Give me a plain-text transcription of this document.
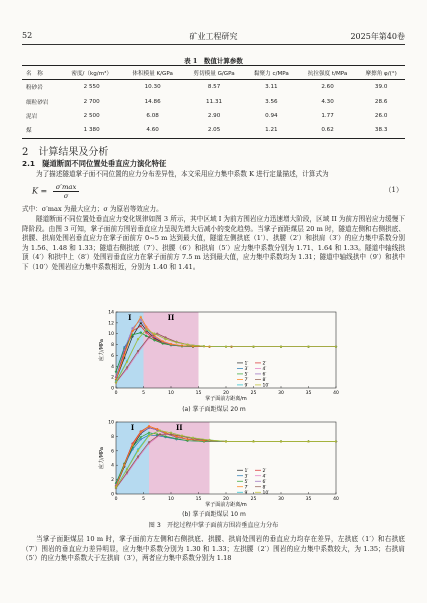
52	矿业工程研究	2025年第40卷
表 1　数值计算参数
名　称	密度/（kg/m³）	体积模量 K/GPa	剪切模量 G/GPa	黏聚力 c/MPa	抗拉强度 t/MPa	摩擦角 φ/(°)
粉砂岩	2 550	10.30	8.57	3.11	2.60	39.0
细粒砂岩	2 700	14.86	11.31	3.56	4.30	28.6
泥岩	2 500	6.08	2.90	0.94	1.77	26.0
煤	1 380	4.60	2.05	1.21	0.62	38.3
2　计算结果及分析
2.1　隧道断面不同位置处垂直应力演化特征
为了描述隧道掌子面不同位置的应力分布差异性，本文采用应力集中系数 K 进行定量描述，计算式为
$K = \frac{\sigma'\max}{\sigma}$	（1）
式中：σ′max 为最大应力；σ 为原岩等效应力。
隧道断面不同位置处垂直应力变化规律如图 3 所示，其中区域 I 为前方围岩应力迅速增大阶段，区域 II 为前方围岩应力缓慢下降阶段。由图 3 可知，掌子面前方围岩垂直应力呈现先增大后减小的变化趋势。当掌子面距煤层 20 m 时，隧道左侧和右侧拱底、拱腰、拱肩处围岩垂直应力在掌子面前方 0~5 m 达到最大值，隧道左侧拱底（1′）、拱腰（2′）和拱肩（3′）的应力集中系数分别为 1.56、1.48 和 1.33；隧道右侧拱底（7′）、拱腰（6′）和拱肩（5′）应力集中系数分别为 1.71、1.64 和 1.33。隧道中轴线拱顶（4′）和拱中上（8′）处围岩垂直应力在掌子面前方 7.5 m 达到最大值，应力集中系数均为 1.31；隧道中轴线拱中（9′）和拱中下（10′）处围岩应力集中系数相近，分别为 1.40 和 1.41。
I	II
0	5	10	15	20	25	30	35	40
0
2
4
6
8
10
12
14
掌子面前方距离/m
应力/MPa
1′	2′
3′	4′
5′	6′
7′	8′
9′	10′
(a) 掌子面距煤层 20 m
I	II
0	5	10	15	20	25	30	35	40
0
2
4
6
8
10
掌子面前方距离/m
应力/MPa
1′	2′
3′	4′
5′	6′
7′	8′
9′	10′
(b) 掌子面距煤层 10 m
图 3　开挖过程中掌子面前方围岩垂直应力分布
当掌子面距煤层 10 m 时，掌子面前方左侧和右侧拱底、拱腰、拱肩处围岩的垂直应力均存在差异，左拱底（1′）和右拱底（7′）围岩的垂直应力差异明显，应力集中系数分别为 1.30 和 1.33；左拱腰（2′）围岩的应力集中系数较大，为 1.35；右拱肩（5′）的应力集中系数大于左拱肩（3′），两者应力集中系数分别为 1.18
